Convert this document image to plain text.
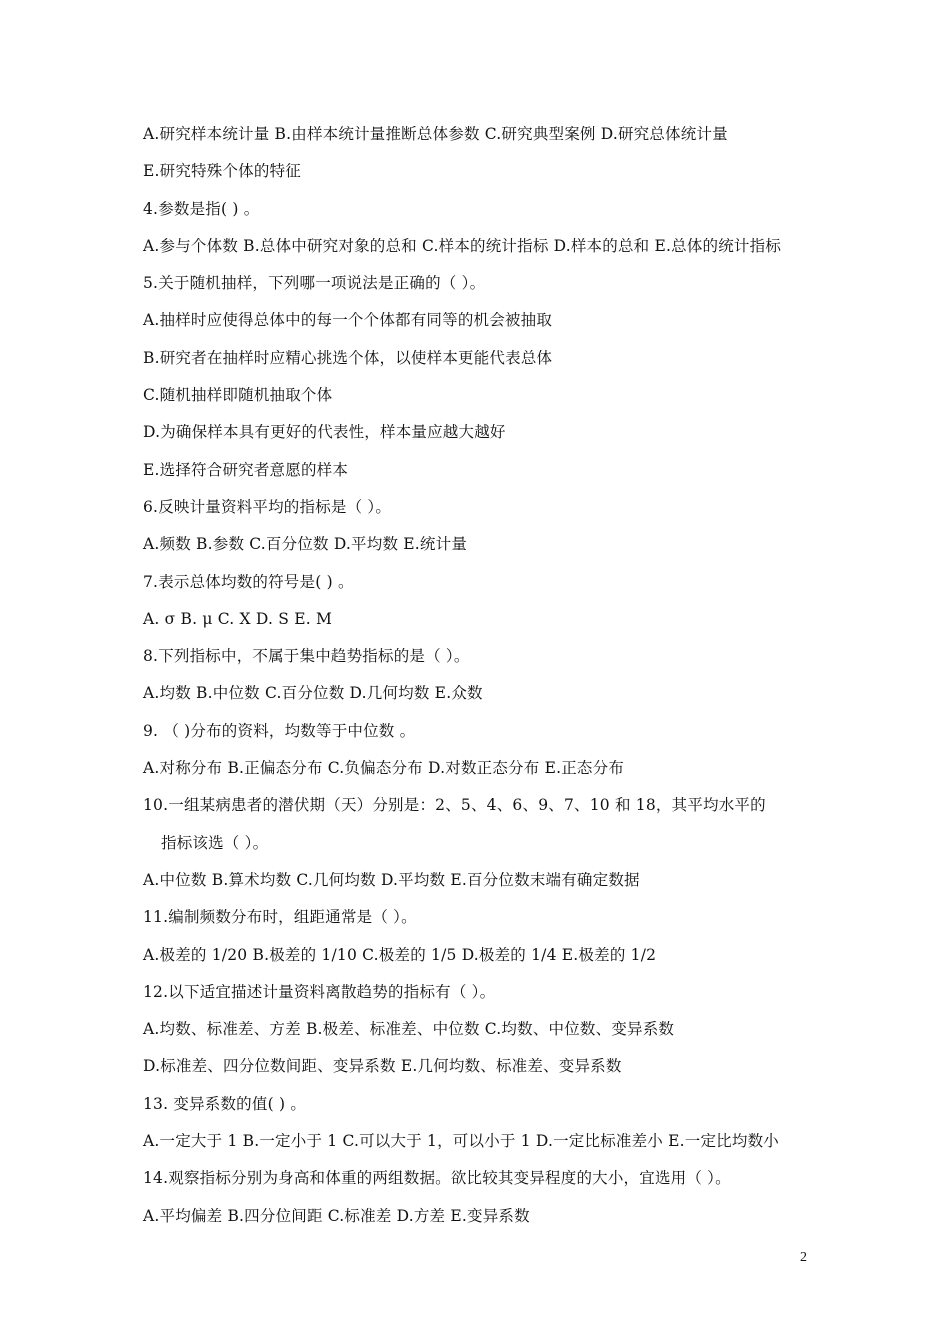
A.研究样本统计量 B.由样本统计量推断总体参数 C.研究典型案例 D.研究总体统计量
E.研究特殊个体的特征
4.参数是指( ) 。
A.参与个体数 B.总体中研究对象的总和 C.样本的统计指标 D.样本的总和 E.总体的统计指标
5.关于随机抽样，下列哪一项说法是正确的（ ）。
A.抽样时应使得总体中的每一个个体都有同等的机会被抽取
B.研究者在抽样时应精心挑选个体，以使样本更能代表总体
C.随机抽样即随机抽取个体
D.为确保样本具有更好的代表性，样本量应越大越好
E.选择符合研究者意愿的样本
6.反映计量资料平均的指标是（ ）。
A.频数 B.参数 C.百分位数 D.平均数 E.统计量
7.表示总体均数的符号是( ) 。
A. σ B. μ C. X D. S E. M
8.下列指标中，不属于集中趋势指标的是（ ）。
A.均数 B.中位数 C.百分位数 D.几何均数 E.众数
9. （ )分布的资料，均数等于中位数 。
A.对称分布 B.正偏态分布 C.负偏态分布 D.对数正态分布 E.正态分布
10.一组某病患者的潜伏期（天）分别是：2、5、4、6、9、7、10 和 18，其平均水平的
指标该选（ ）。
A.中位数 B.算术均数 C.几何均数 D.平均数 E.百分位数末端有确定数据
11.编制频数分布时，组距通常是（ ）。
A.极差的 1/20 B.极差的 1/10 C.极差的 1/5 D.极差的 1/4 E.极差的 1/2
12.以下适宜描述计量资料离散趋势的指标有（ ）。
A.均数、标准差、方差 B.极差、标准差、中位数 C.均数、中位数、变异系数
D.标准差、四分位数间距、变异系数 E.几何均数、标准差、变异系数
13. 变异系数的值( ) 。
A.一定大于 1 B.一定小于 1 C.可以大于 1，可以小于 1 D.一定比标准差小 E.一定比均数小
14.观察指标分别为身高和体重的两组数据。欲比较其变异程度的大小，宜选用（ ）。
A.平均偏差 B.四分位间距 C.标准差 D.方差 E.变异系数
2
